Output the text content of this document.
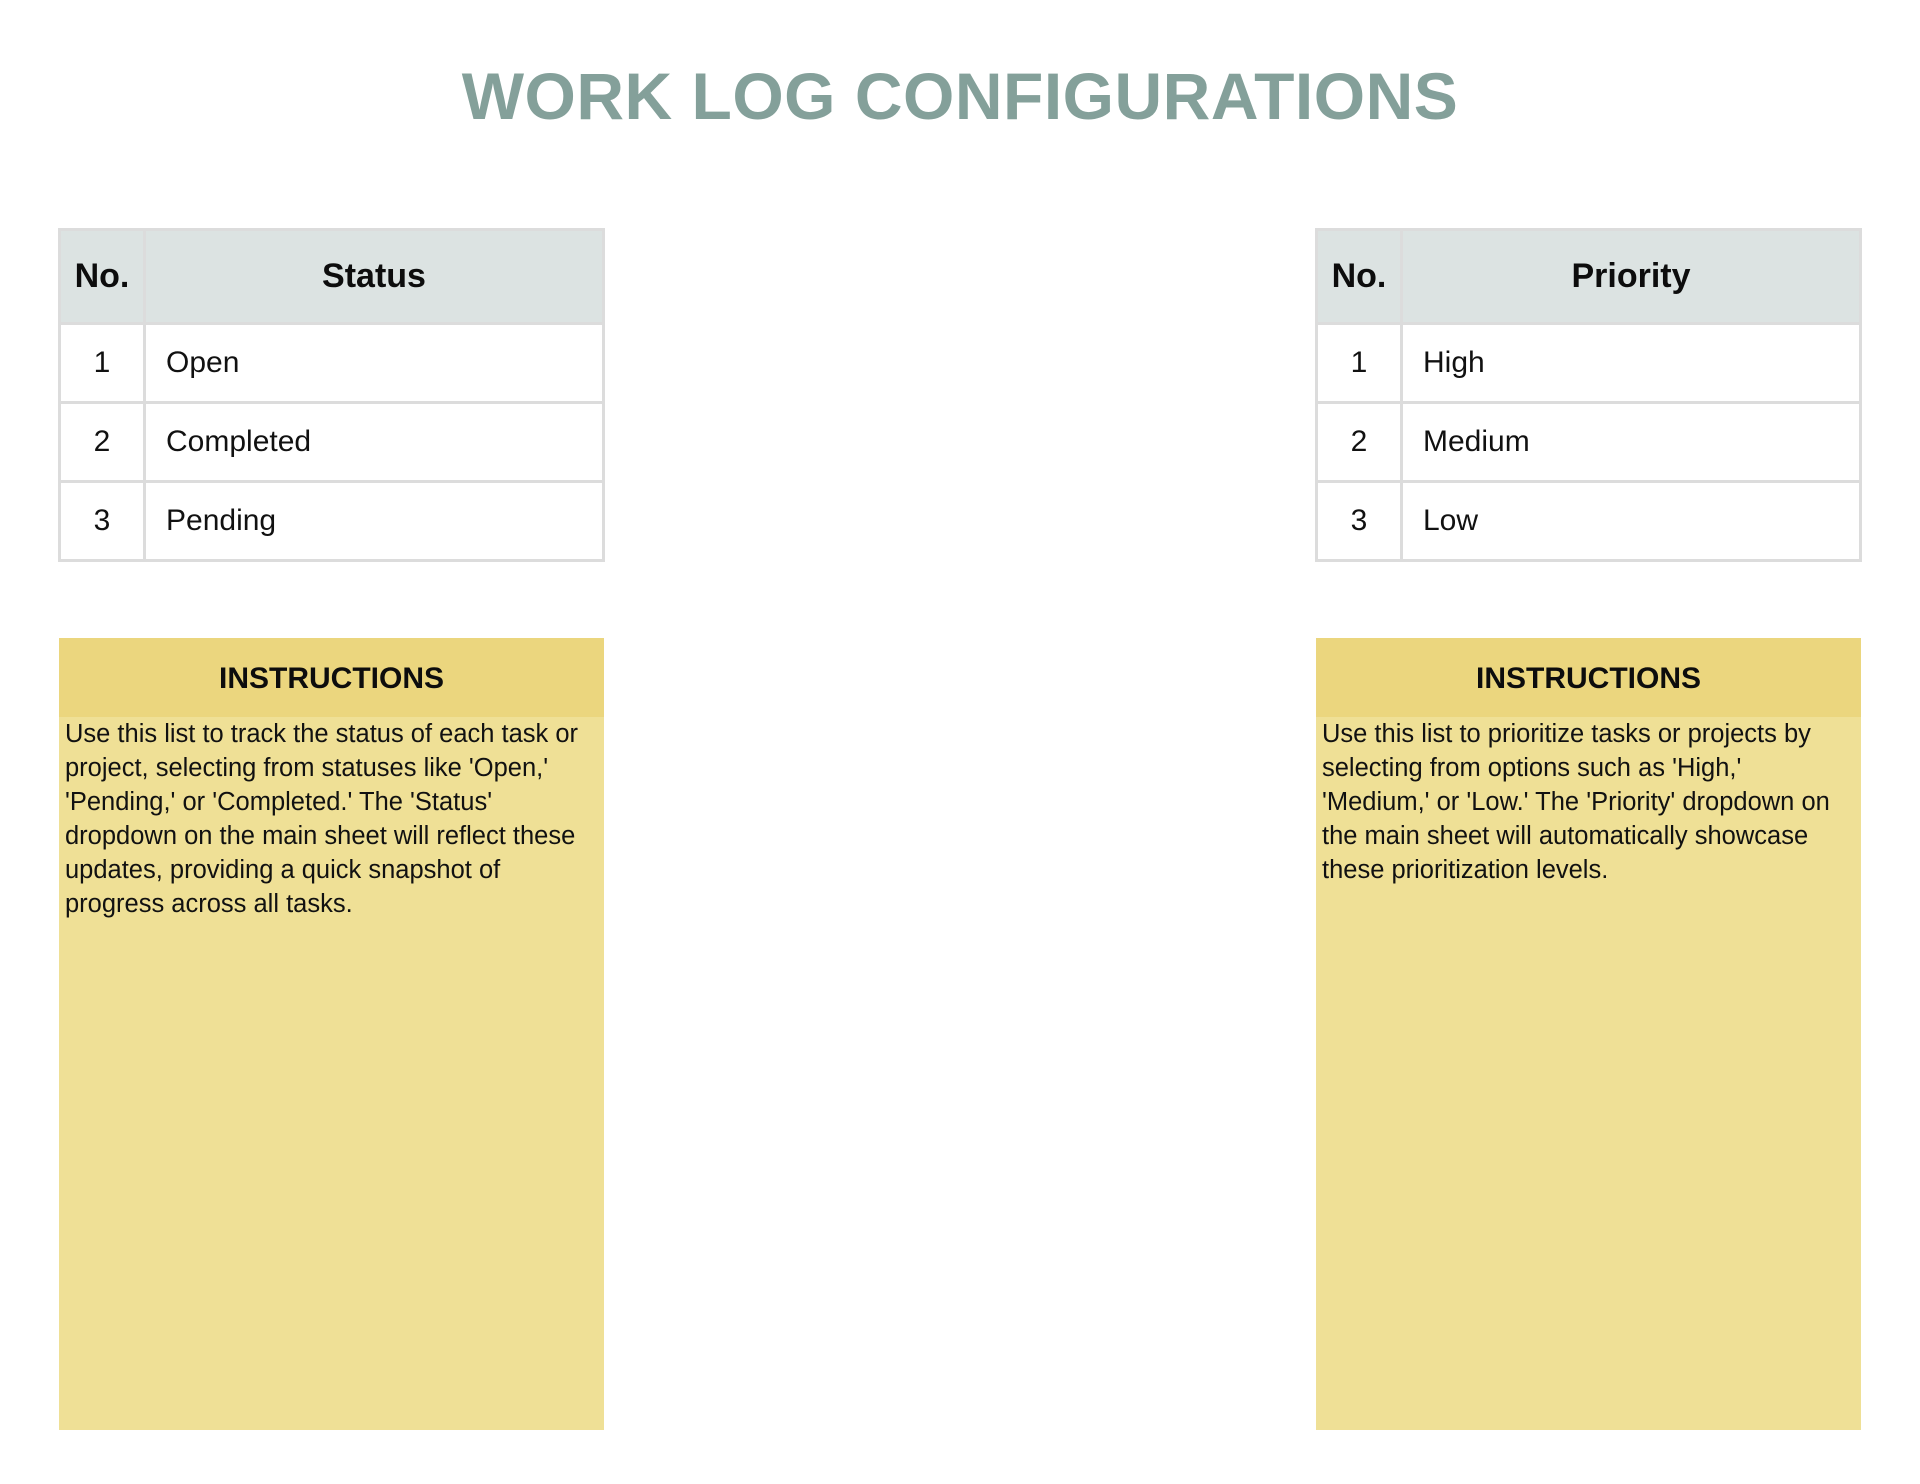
WORK LOG CONFIGURATIONS
No.	Status
1	Open
2	Completed
3	Pending
No.	Priority
1	High
2	Medium
3	Low
INSTRUCTIONS
Use this list to track the status of each task or project, selecting from statuses like 'Open,' 'Pending,' or 'Completed.' The 'Status' dropdown on the main sheet will reflect these updates, providing a quick snapshot of progress across all tasks.
INSTRUCTIONS
Use this list to prioritize tasks or projects by selecting from options such as 'High,' 'Medium,' or 'Low.' The 'Priority' dropdown on the main sheet will automatically showcase these prioritization levels.
